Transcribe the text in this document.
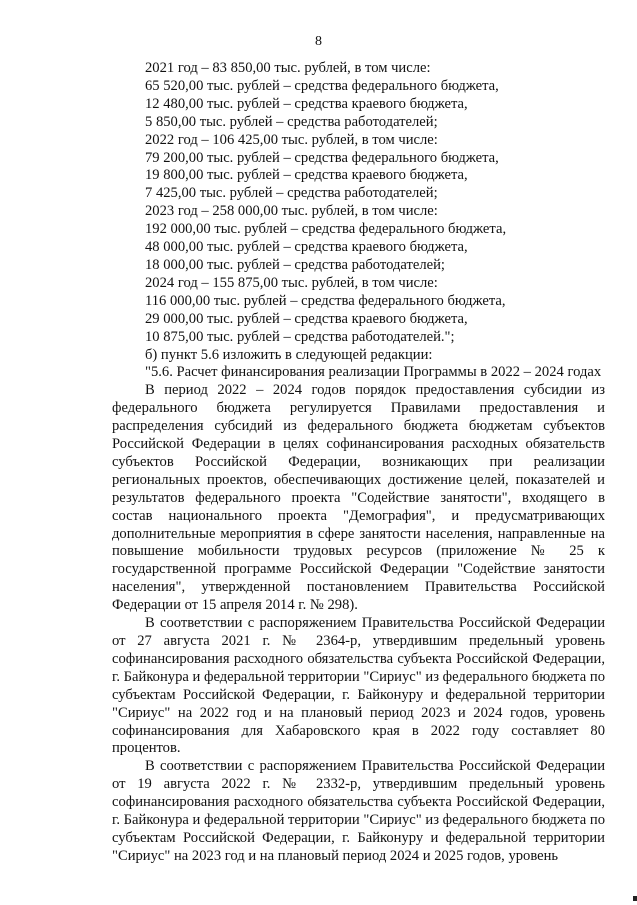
8

2021 год – 83 850,00 тыс. рублей, в том числе:

65 520,00 тыс. рублей – средства федерального бюджета,

12 480,00 тыс. рублей – средства краевого бюджета,

5 850,00 тыс. рублей – средства работодателей;

2022 год – 106 425,00 тыс. рублей, в том числе:

79 200,00 тыс. рублей – средства федерального бюджета,

19 800,00 тыс. рублей – средства краевого бюджета,

7 425,00 тыс. рублей – средства работодателей;

2023 год – 258 000,00 тыс. рублей, в том числе:

192 000,00 тыс. рублей – средства федерального бюджета,

48 000,00 тыс. рублей – средства краевого бюджета,

18 000,00 тыс. рублей – средства работодателей;

2024 год – 155 875,00 тыс. рублей, в том числе:

116 000,00 тыс. рублей – средства федерального бюджета,

29 000,00 тыс. рублей – средства краевого бюджета,

10 875,00 тыс. рублей – средства работодателей.";

б) пункт 5.6 изложить в следующей редакции:

"5.6. Расчет финансирования реализации Программы в 2022 – 2024 годах

В период 2022 – 2024 годов порядок предоставления субсидии из федерального бюджета регулируется Правилами предоставления и распределения субсидий из федерального бюджета бюджетам субъектов Российской Федерации в целях софинансирования расходных обязательств субъектов Российской Федерации, возникающих при реализации региональных проектов, обеспечивающих достижение целей, показателей и результатов федерального проекта "Содействие занятости", входящего в состав национального проекта "Демография", и предусматривающих дополнительные мероприятия в сфере занятости населения, направленные на повышение мобильности трудовых ресурсов (приложение № 25 к государственной программе Российской Федерации "Содействие занятости населения", утвержденной постановлением Правительства Российской Федерации от 15 апреля 2014 г. № 298).

В соответствии с распоряжением Правительства Российской Федерации от 27 августа 2021 г. № 2364-р, утвердившим предельный уровень софинансирования расходного обязательства субъекта Российской Федерации, г. Байконура и федеральной территории "Сириус" из федерального бюджета по субъектам Российской Федерации, г. Байконуру и федеральной территории "Сириус" на 2022 год и на плановый период 2023 и 2024 годов, уровень софинансирования для Хабаровского края в 2022 году составляет 80 процентов.

В соответствии с распоряжением Правительства Российской Федерации от 19 августа 2022 г. № 2332-р, утвердившим предельный уровень софинансирования расходного обязательства субъекта Российской Федерации, г. Байконура и федеральной территории "Сириус" из федерального бюджета по субъектам Российской Федерации, г. Байконуру и федеральной территории "Сириус" на 2023 год и на плановый период 2024 и 2025 годов, уровень
